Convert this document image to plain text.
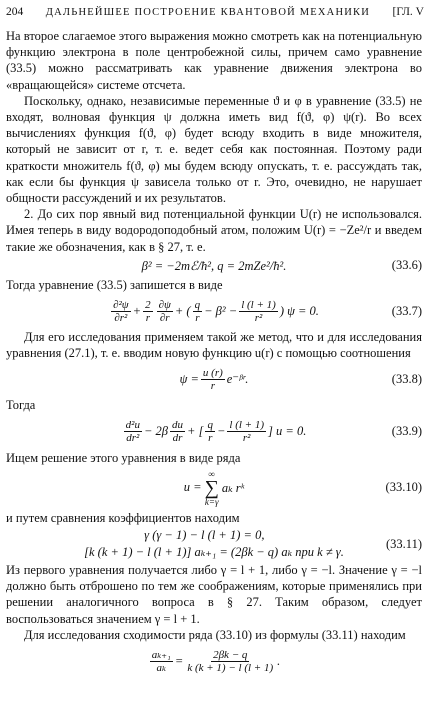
204 ДАЛЬНЕЙШЕЕ ПОСТРОЕНИЕ КВАНТОВОЙ МЕХАНИКИ [ГЛ. V

На второе слагаемое этого выражения можно смотреть как на потенциальную функцию электрона в поле центробежной силы, причем само уравнение (33.5) можно рассматривать как уравнение движения электрона во «вращающейся» системе отсчета.

Поскольку, однако, независимые переменные ϑ и φ в уравнение (33.5) не входят, волновая функция ψ должна иметь вид f(ϑ, φ) ψ(r). Во всех вычислениях функция f(ϑ, φ) будет всюду входить в виде множителя, который не зависит от r, т. е. ведет себя как постоянная. Поэтому ради краткости множитель f(ϑ, φ) мы будем всюду опускать, т. е. рассуждать так, как если бы функция ψ зависела только от r. Это, очевидно, не нарушает общности рассуждений и их результатов.

2. До сих пор явный вид потенциальной функции U(r) не использовался. Имея теперь в виду водородоподобный атом, положим U(r) = −Ze²/r и введем такие же обозначения, как в § 27, т. е.

β² = −2mℰ/ħ², q = 2mZe²/ħ².	(33.6)

Тогда уравнение (33.5) запишется в виде

$\frac{\text{∂²ψ}}{\text{∂r²}} + \frac{2}{r} \frac{\partial\psi}{\partial r}$ + ( $\frac{q}{r} - \beta^2 - \frac{l (l + 1)}{\text{r²}}$ ) ψ = 0.	(33.7)

Для его исследования применяем такой же метод, что и для исследования уравнения (27.1), т. е. вводим новую функцию u(r) с помощью соотношения

$\psi = \frac{u (r)}{r}$ e⁻ᵝʳ.	(33.8)

Тогда

$\frac{\text{d²u}}{\text{dr²}} - 2\beta \frac{du}{dr}$ + [ $\frac{q}{r} - \frac{l (l + 1)}{\text{r²}}$ ] u = 0.	(33.9)

Ищем решение этого уравнения в виде ряда

u =
∞
∑
k=γ
aₖ rᵏ	(33.10)

и путем сравнения коэффициентов находим

γ (γ − 1) − l (l + 1) = 0,
[k (k + 1) − l (l + 1)] aₖ₊₁ = (2βk − q) aₖ при k ≠ γ.
(33.11)

Из первого уравнения получается либо γ = l + 1, либо γ = −l. Значение γ = −l должно быть отброшено по тем же соображениям, которые применялись при решении аналогичного вопроса в § 27. Таким образом, следует воспользоваться значением γ = l + 1.

Для исследования сходимости ряда (33.10) из формулы (33.11) находим

$\frac{\text{aₖ₊₁}}{\text{aₖ}} = \frac{2\beta k - q}{k (k + 1) - l (l + 1)}$ .
